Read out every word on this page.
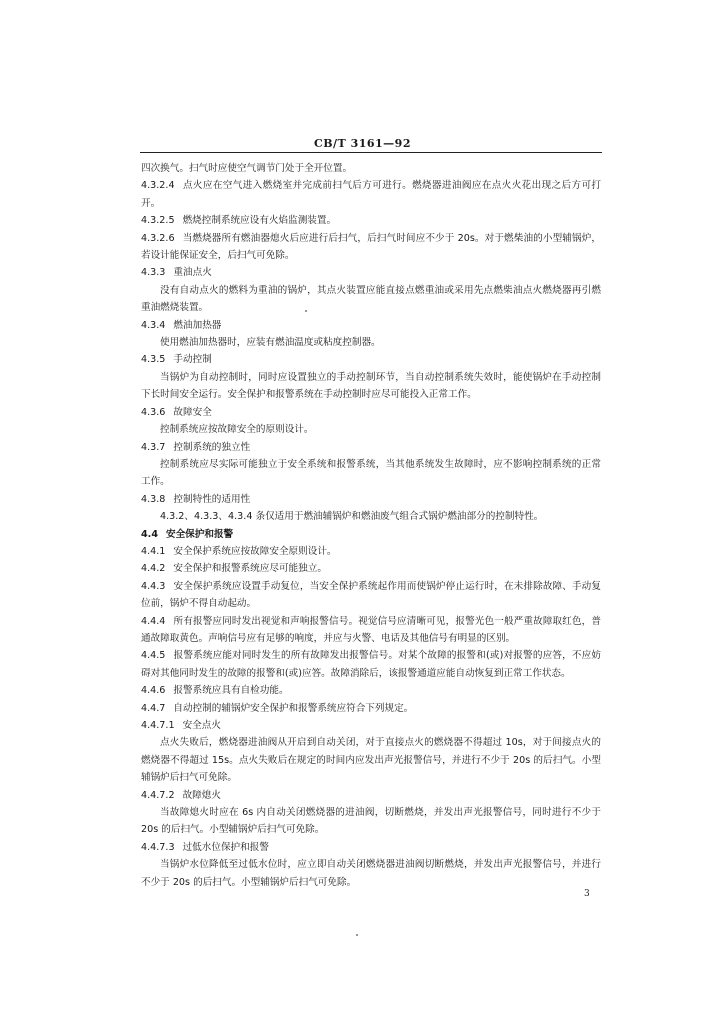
CB/T 3161—92

四次换气。扫气时应使空气调节门处于全开位置。

4.3.2.4 点火应在空气进入燃烧室并完成前扫气后方可进行。燃烧器进油阀应在点火火花出现之后方可打开。

4.3.2.5 燃烧控制系统应设有火焰监测装置。

4.3.2.6 当燃烧器所有燃油器熄火后应进行后扫气，后扫气时间应不少于 20s。对于燃柴油的小型辅锅炉，若设计能保证安全，后扫气可免除。

4.3.3 重油点火

没有自动点火的燃料为重油的锅炉，其点火装置应能直接点燃重油或采用先点燃柴油点火燃烧器再引燃重油燃烧装置。

4.3.4 燃油加热器

使用燃油加热器时，应装有燃油温度或粘度控制器。

4.3.5 手动控制

当锅炉为自动控制时，同时应设置独立的手动控制环节，当自动控制系统失效时，能使锅炉在手动控制下长时间安全运行。安全保护和报警系统在手动控制时应尽可能投入正常工作。

4.3.6 故障安全

控制系统应按故障安全的原则设计。

4.3.7 控制系统的独立性

控制系统应尽实际可能独立于安全系统和报警系统，当其他系统发生故障时，应不影响控制系统的正常工作。

4.3.8 控制特性的适用性

4.3.2、4.3.3、4.3.4 条仅适用于燃油辅锅炉和燃油废气组合式锅炉燃油部分的控制特性。

4.4 安全保护和报警

4.4.1 安全保护系统应按故障安全原则设计。

4.4.2 安全保护和报警系统应尽可能独立。

4.4.3 安全保护系统应设置手动复位，当安全保护系统起作用而使锅炉停止运行时，在未排除故障、手动复位前，锅炉不得自动起动。

4.4.4 所有报警应同时发出视觉和声响报警信号。视觉信号应清晰可见，报警光色一般严重故障取红色，普通故障取黄色。声响信号应有足够的响度，并应与火警、电话及其他信号有明显的区别。

4.4.5 报警系统应能对同时发生的所有故障发出报警信号。对某个故障的报警和(或)对报警的应答，不应妨碍对其他同时发生的故障的报警和(或)应答。故障消除后，该报警通道应能自动恢复到正常工作状态。

4.4.6 报警系统应具有自检功能。

4.4.7 自动控制的辅锅炉安全保护和报警系统应符合下列规定。

4.4.7.1 安全点火

点火失败后，燃烧器进油阀从开启到自动关闭，对于直接点火的燃烧器不得超过 10s，对于间接点火的燃烧器不得超过 15s。点火失败后在规定的时间内应发出声光报警信号，并进行不少于 20s 的后扫气。小型辅锅炉后扫气可免除。

4.4.7.2 故障熄火

当故障熄火时应在 6s 内自动关闭燃烧器的进油阀，切断燃烧，并发出声光报警信号，同时进行不少于 20s 的后扫气。小型辅锅炉后扫气可免除。

4.4.7.3 过低水位保护和报警

当锅炉水位降低至过低水位时，应立即自动关闭燃烧器进油阀切断燃烧，并发出声光报警信号，并进行不少于 20s 的后扫气。小型辅锅炉后扫气可免除。

3
